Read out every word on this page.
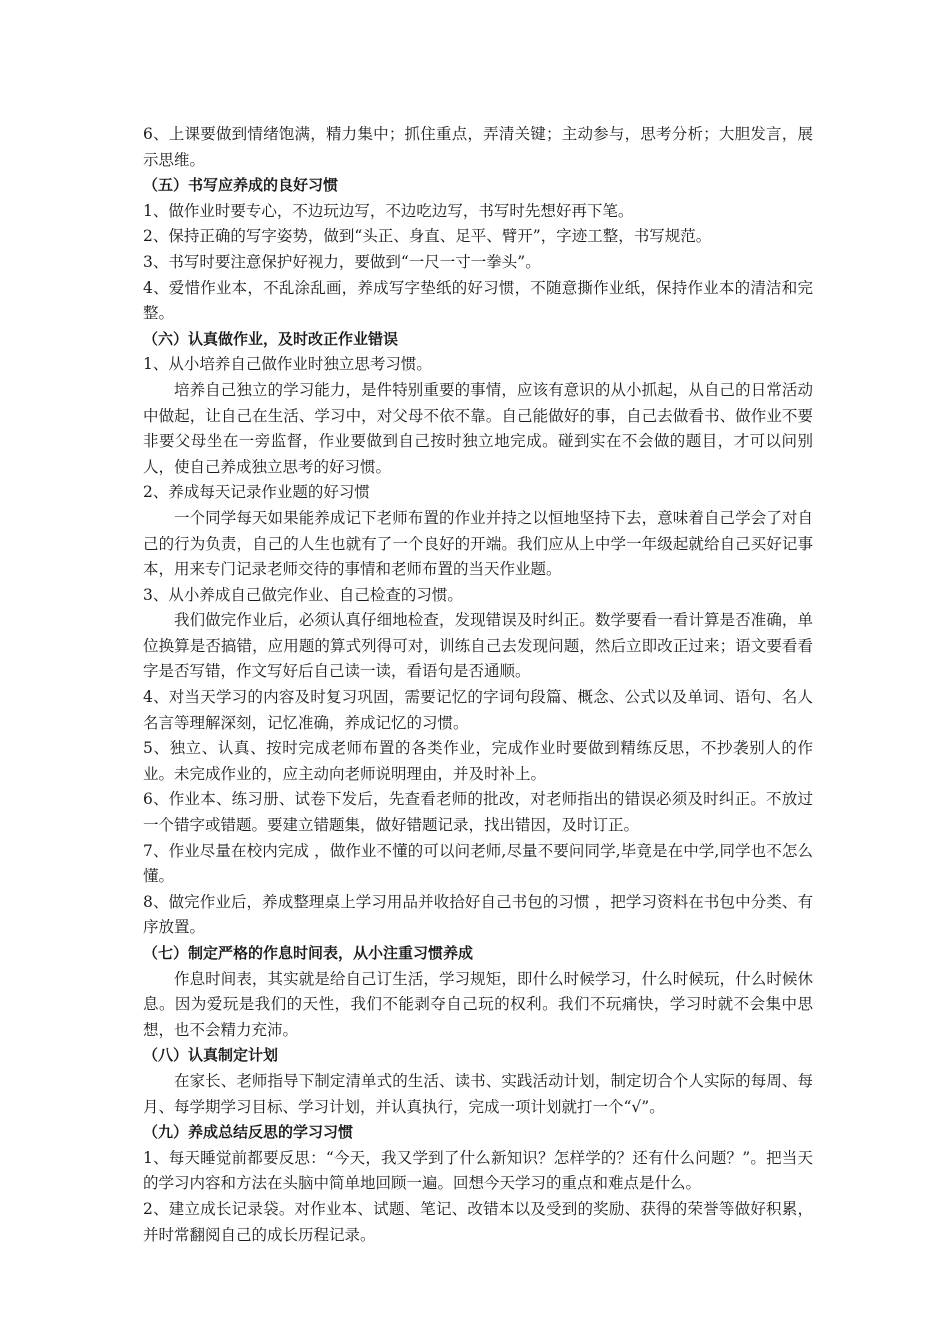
6、上课要做到情绪饱满，精力集中；抓住重点，弄清关键；主动参与，思考分析；大胆发言，展示思维。

（五）书写应养成的良好习惯

1、做作业时要专心，不边玩边写，不边吃边写，书写时先想好再下笔。

2、保持正确的写字姿势，做到“头正、身直、足平、臂开”，字迹工整，书写规范。

3、书写时要注意保护好视力，要做到“一尺一寸一拳头”。

4、爱惜作业本，不乱涂乱画，养成写字垫纸的好习惯，不随意撕作业纸，保持作业本的清洁和完整。

（六）认真做作业，及时改正作业错误

1、从小培养自己做作业时独立思考习惯。

培养自己独立的学习能力，是件特别重要的事情，应该有意识的从小抓起，从自己的日常活动中做起，让自己在生活、学习中，对父母不依不靠。自己能做好的事，自己去做看书、做作业不要非要父母坐在一旁监督，作业要做到自己按时独立地完成。碰到实在不会做的题目，才可以问别人，使自己养成独立思考的好习惯。

2、养成每天记录作业题的好习惯

一个同学每天如果能养成记下老师布置的作业并持之以恒地坚持下去，意味着自己学会了对自己的行为负责，自己的人生也就有了一个良好的开端。我们应从上中学一年级起就给自己买好记事本，用来专门记录老师交待的事情和老师布置的当天作业题。

3、从小养成自己做完作业、自己检查的习惯。

我们做完作业后，必须认真仔细地检查，发现错误及时纠正。数学要看一看计算是否准确，单位换算是否搞错，应用题的算式列得可对，训练自己去发现问题，然后立即改正过来；语文要看看字是否写错，作文写好后自己读一读，看语句是否通顺。

4、对当天学习的内容及时复习巩固，需要记忆的字词句段篇、概念、公式以及单词、语句、名人名言等理解深刻，记忆准确，养成记忆的习惯。

5、独立、认真、按时完成老师布置的各类作业，完成作业时要做到精练反思，不抄袭别人的作业。未完成作业的，应主动向老师说明理由，并及时补上。

6、作业本、练习册、试卷下发后，先查看老师的批改，对老师指出的错误必须及时纠正。不放过一个错字或错题。要建立错题集，做好错题记录，找出错因，及时订正。

7、作业尽量在校内完成 ，做作业不懂的可以问老师,尽量不要问同学,毕竟是在中学,同学也不怎么懂。

8、做完作业后，养成整理桌上学习用品并收拾好自己书包的习惯 ，把学习资料在书包中分类、有序放置。

（七）制定严格的作息时间表，从小注重习惯养成

作息时间表，其实就是给自己订生活，学习规矩，即什么时候学习，什么时候玩，什么时候休息。因为爱玩是我们的天性，我们不能剥夺自己玩的权利。我们不玩痛快，学习时就不会集中思想，也不会精力充沛。

（八）认真制定计划

在家长、老师指导下制定清单式的生活、读书、实践活动计划，制定切合个人实际的每周、每月、每学期学习目标、学习计划，并认真执行，完成一项计划就打一个“√”。

（九）养成总结反思的学习习惯

1、每天睡觉前都要反思：“今天，我又学到了什么新知识？怎样学的？还有什么问题？”。把当天的学习内容和方法在头脑中简单地回顾一遍。回想今天学习的重点和难点是什么。

2、建立成长记录袋。对作业本、试题、笔记、改错本以及受到的奖励、获得的荣誉等做好积累，并时常翻阅自己的成长历程记录。
